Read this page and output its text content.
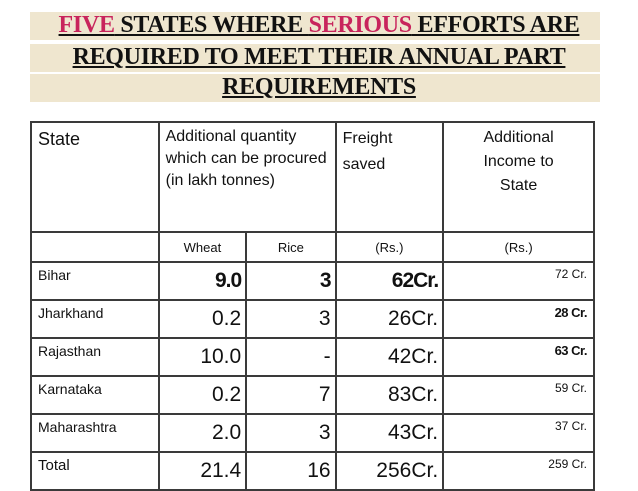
FIVE STATES WHERE SERIOUS EFFORTS ARE
REQUIRED TO MEET THEIR ANNUAL PART
REQUIREMENTS
State	Additional quantity which can be procured (in lakh tonnes)		Freight saved	Additional Income to State
	Wheat	Rice	(Rs.)	(Rs.)
Bihar	9.0	3	62Cr.	72 Cr.
Jharkhand	0.2	3	26Cr.	28 Cr.
Rajasthan	10.0	-	42Cr.	63 Cr.
Karnataka	0.2	7	83Cr.	59 Cr.
Maharashtra	2.0	3	43Cr.	37 Cr.
Total	21.4	16	256Cr.	259 Cr.
